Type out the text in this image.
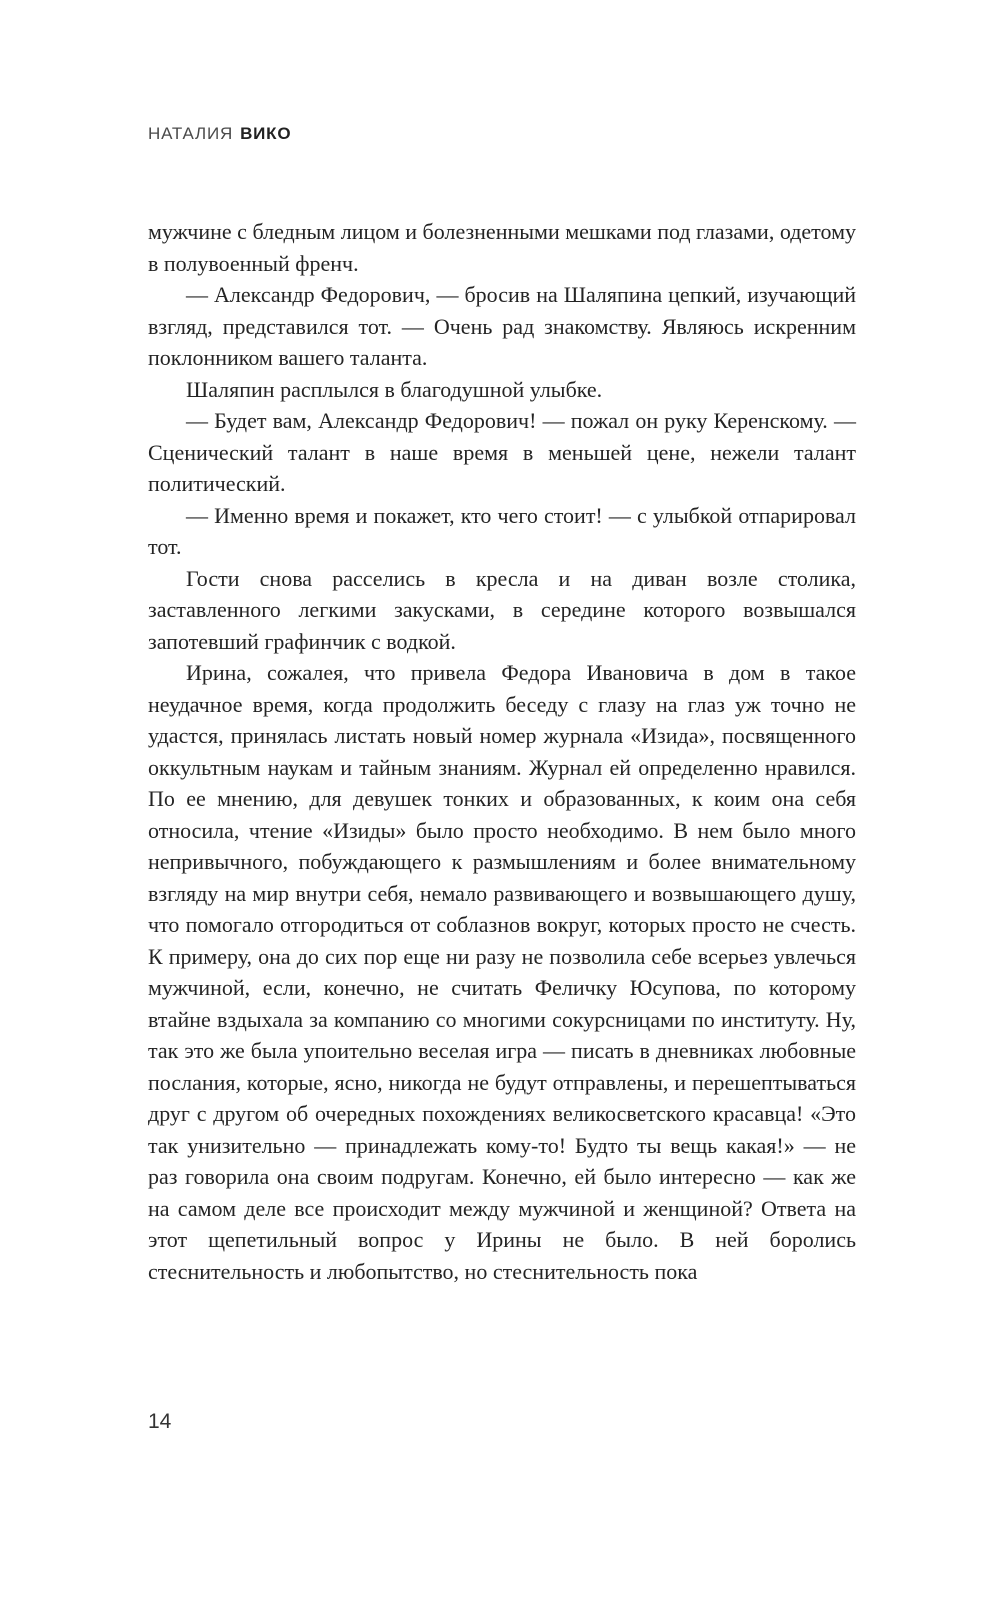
НАТАЛИЯ ВИКО

мужчине с бледным лицом и болезненными мешками под глазами, одетому в полувоенный френч.

— Александр Федорович, — бросив на Шаляпина цепкий, изучающий взгляд, представился тот. — Очень рад знакомству. Являюсь искренним поклонником вашего таланта.

Шаляпин расплылся в благодушной улыбке.

— Будет вам, Александр Федорович! — пожал он руку Керенскому. — Сценический талант в наше время в меньшей цене, нежели талант политический.

— Именно время и покажет, кто чего стоит! — с улыбкой отпарировал тот.

Гости снова расселись в кресла и на диван возле столика, заставленного легкими закусками, в середине которого возвышался запотевший графинчик с водкой.

Ирина, сожалея, что привела Федора Ивановича в дом в такое неудачное время, когда продолжить беседу с глазу на глаз уж точно не удастся, принялась листать новый номер журнала «Изида», посвященного оккультным наукам и тайным знаниям. Журнал ей определенно нравился. По ее мнению, для девушек тонких и образованных, к коим она себя относила, чтение «Изиды» было просто необходимо. В нем было много непривычного, побуждающего к размышлениям и более внимательному взгляду на мир внутри себя, немало развивающего и возвышающего душу, что помогало отгородиться от соблазнов вокруг, которых просто не счесть. К примеру, она до сих пор еще ни разу не позволила себе всерьез увлечься мужчиной, если, конечно, не считать Феличку Юсупова, по которому втайне вздыхала за компанию со многими сокурсницами по институту. Ну, так это же была упоительно веселая игра — писать в дневниках любовные послания, которые, ясно, никогда не будут отправлены, и перешептываться друг с другом об очередных похождениях великосветского красавца! «Это так унизительно — принадлежать кому-то! Будто ты вещь какая!» — не раз говорила она своим подругам. Конечно, ей было интересно — как же на самом деле все происходит между мужчиной и женщиной? Ответа на этот щепетильный вопрос у Ирины не было. В ней боролись стеснительность и любопытство, но стеснительность пока

14
